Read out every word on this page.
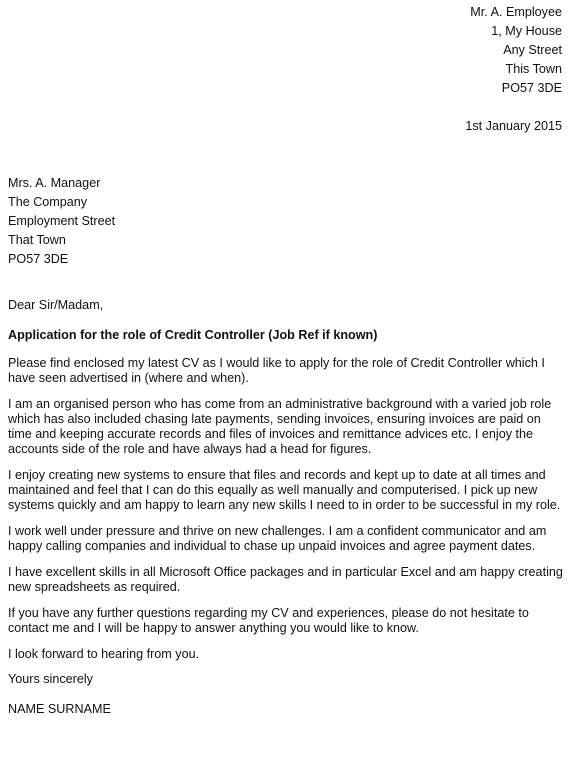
Mr. A. Employee
1, My House
Any Street
This Town
PO57 3DE
1st January 2015
Mrs. A. Manager
The Company
Employment Street
That Town
PO57 3DE
Dear Sir/Madam,
Application for the role of Credit Controller (Job Ref if known)

Please find enclosed my latest CV as I would like to apply for the role of Credit Controller which I have seen advertised in (where and when).

I am an organised person who has come from an administrative background with a varied job role which has also included chasing late payments, sending invoices, ensuring invoices are paid on time and keeping accurate records and files of invoices and remittance advices etc. I enjoy the accounts side of the role and have always had a head for figures.

I enjoy creating new systems to ensure that files and records and kept up to date at all times and maintained and feel that I can do this equally as well manually and computerised. I pick up new systems quickly and am happy to learn any new skills I need to in order to be successful in my role.

I work well under pressure and thrive on new challenges. I am a confident communicator and am happy calling companies and individual to chase up unpaid invoices and agree payment dates.

I have excellent skills in all Microsoft Office packages and in particular Excel and am happy creating new spreadsheets as required.

If you have any further questions regarding my CV and experiences, please do not hesitate to contact me and I will be happy to answer anything you would like to know.

I look forward to hearing from you.

Yours sincerely
NAME SURNAME
